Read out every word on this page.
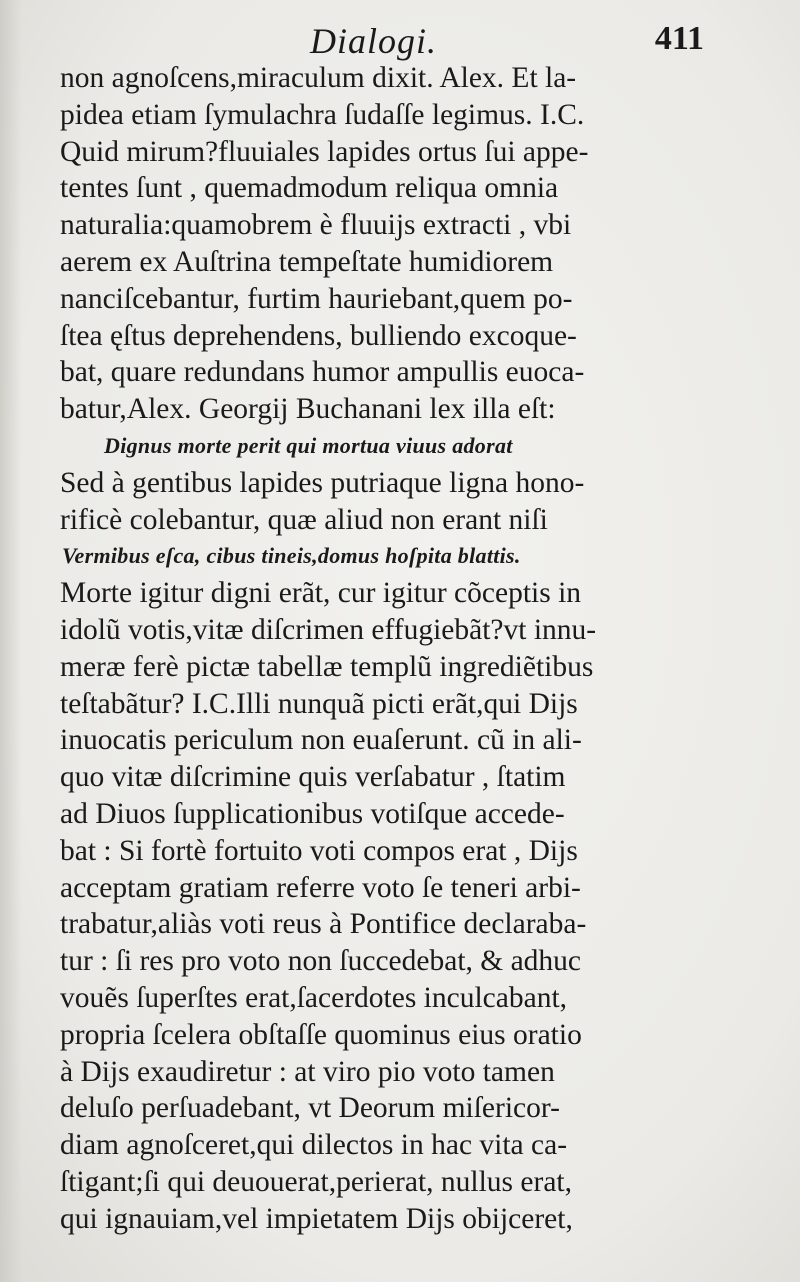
Dialogi.	411
non agnoſcens,miraculum dixit. Alex. Et la-
pidea etiam ſymulachra ſudaſſe legimus. I.C.
Quid mirum?fluuiales lapides ortus ſui appe-
tentes ſunt , quemadmodum reliqua omnia
naturalia:quamobrem è fluuijs extracti , vbi
aerem ex Auſtrina tempeſtate humidiorem
nanciſcebantur, furtim hauriebant,quem po-
ſtea ęſtus deprehendens, bulliendo excoque-
bat, quare redundans humor ampullis euoca-
batur,Alex. Georgij Buchanani lex illa eſt:
Dignus morte perit qui mortua viuus adorat
Sed à gentibus lapides putriaque ligna hono-
rificè colebantur, quæ aliud non erant niſi
Vermibus eſca, cibus tineis,domus hoſpita blattis.
Morte igitur digni erãt, cur igitur cõceptis in
idolũ votis,vitæ diſcrimen effugiebãt?vt innu-
meræ ferè pictæ tabellæ templũ ingrediẽtibus
teſtabãtur? I.C.Illi nunquã picti erãt,qui Dijs
inuocatis periculum non euaſerunt. cũ in ali-
quo vitæ diſcrimine quis verſabatur , ſtatim
ad Diuos ſupplicationibus votiſque accede-
bat : Si fortè fortuito voti compos erat , Dijs
acceptam gratiam referre voto ſe teneri arbi-
trabatur,aliàs voti reus à Pontifice declaraba-
tur : ſi res pro voto non ſuccedebat, & adhuc
vouẽs ſuperſtes erat,ſacerdotes inculcabant,
propria ſcelera obſtaſſe quominus eius oratio
à Dijs exaudiretur : at viro pio voto tamen
deluſo perſuadebant, vt Deorum miſericor-
diam agnoſceret,qui dilectos in hac vita ca-
ſtigant;ſi qui deuouerat,perierat, nullus erat,
qui ignauiam,vel impietatem Dijs obijceret,
